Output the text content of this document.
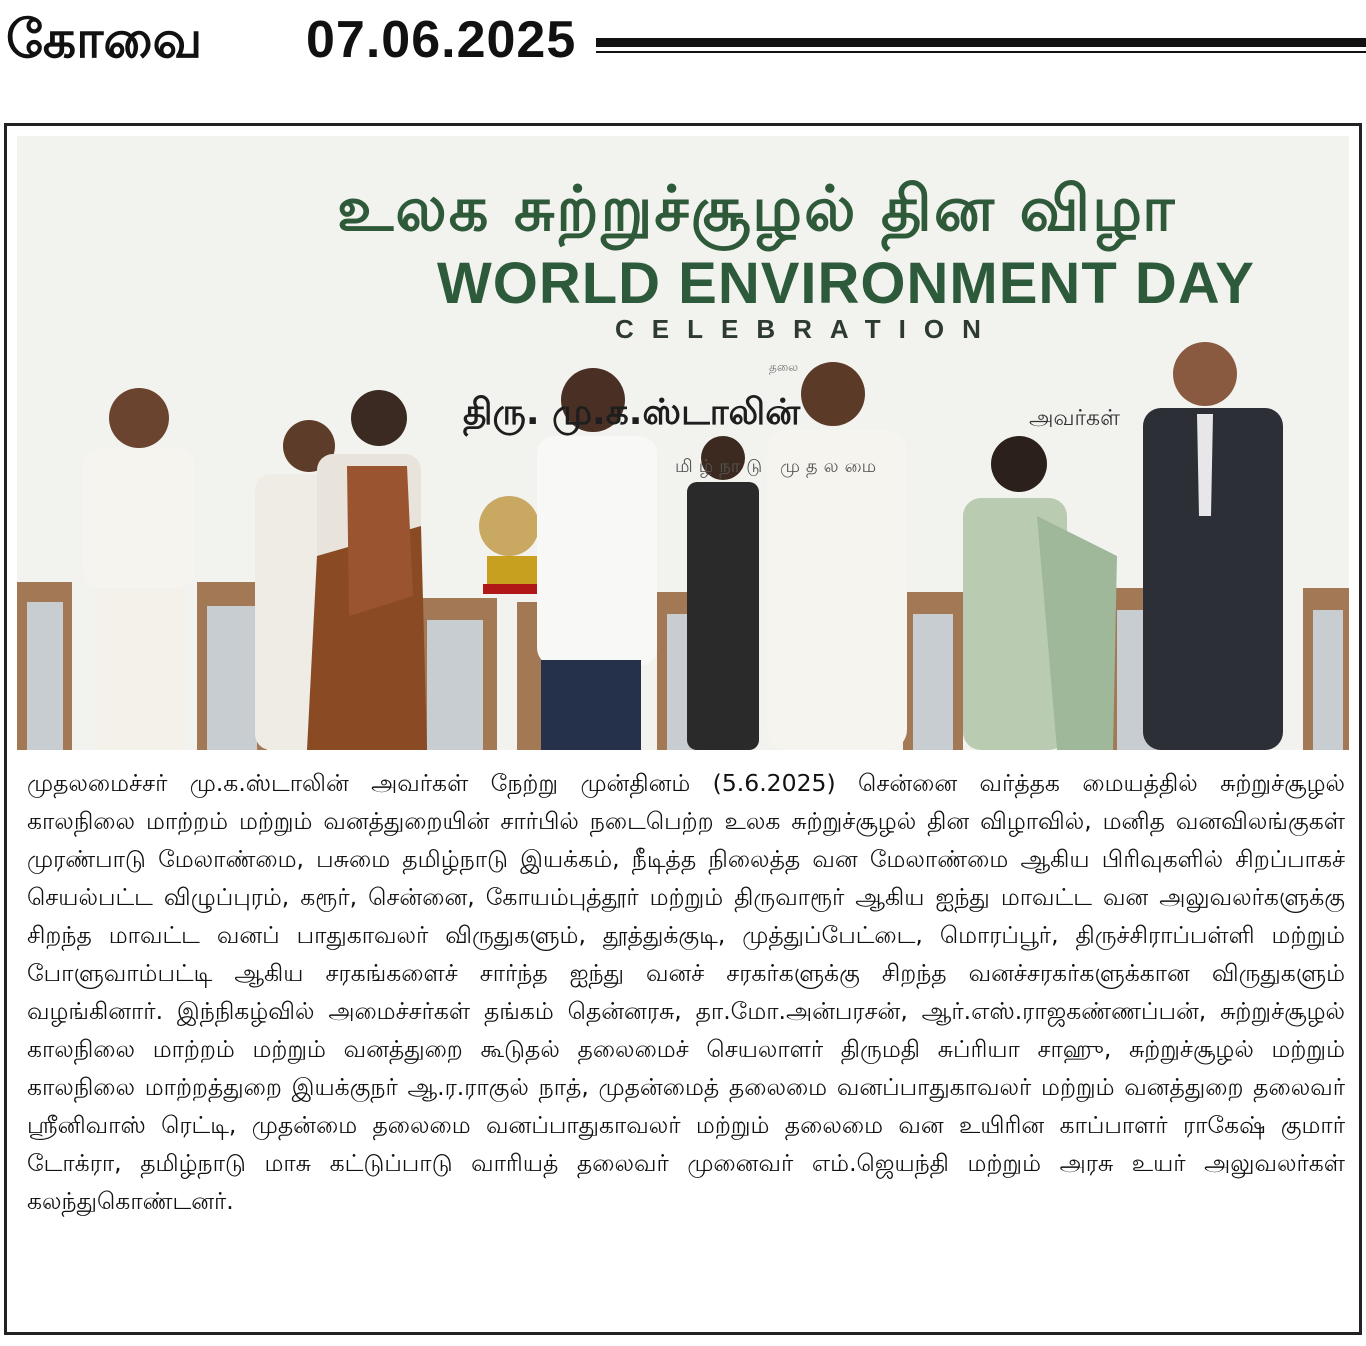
கோவை 07.06.2025
உலக சுற்றுச்சூழல் தின விழா
WORLD ENVIRONMENT DAY
CELEBRATION
தலை
திரு. மு.க.ஸ்டாலின்	அவர்கள்
மிழ்நாடு முதலமை

முதலமைச்சர் மு.க.ஸ்டாலின் அவர்கள் நேற்று முன்தினம் (5.6.2025) சென்னை வர்த்தக மையத்தில் சுற்றுச்சூழல் காலநிலை மாற்றம் மற்றும் வனத்துறையின் சார்பில் நடைபெற்ற உலக சுற்றுச்சூழல் தின விழாவில், மனித வனவிலங்குகள் முரண்பாடு மேலாண்மை, பசுமை தமிழ்நாடு இயக்கம், நீடித்த நிலைத்த வன மேலாண்மை ஆகிய பிரிவுகளில் சிறப்பாகச் செயல்பட்ட விழுப்புரம், கரூர், சென்னை, கோயம்புத்தூர் மற்றும் திருவாரூர் ஆகிய ஐந்து மாவட்ட வன அலுவலர்களுக்கு சிறந்த மாவட்ட வனப் பாதுகாவலர் விருதுகளும், தூத்துக்குடி, முத்துப்பேட்டை, மொரப்பூர், திருச்சிராப்பள்ளி மற்றும் போளுவாம்பட்டி ஆகிய சரகங்களைச் சார்ந்த ஐந்து வனச் சரகர்களுக்கு சிறந்த வனச்சரகர்களுக்கான விருதுகளும் வழங்கினார். இந்நிகழ்வில் அமைச்சர்கள் தங்கம் தென்னரசு, தா.மோ.அன்பரசன், ஆர்.எஸ்.ராஜகண்ணப்பன், சுற்றுச்சூழல் காலநிலை மாற்றம் மற்றும் வனத்துறை கூடுதல் தலைமைச் செயலாளர் திருமதி சுப்ரியா சாஹு, சுற்றுச்சூழல் மற்றும் காலநிலை மாற்றத்துறை இயக்குநர் ஆ.ர.ராகுல் நாத், முதன்மைத் தலைமை வனப்பாதுகாவலர் மற்றும் வனத்துறை தலைவர் ஸ்ரீனிவாஸ் ரெட்டி, முதன்மை தலைமை வனப்பாதுகாவலர் மற்றும் தலைமை வன உயிரின காப்பாளர் ராகேஷ் குமார் டோக்ரா, தமிழ்நாடு மாசு கட்டுப்பாடு வாரியத் தலைவர் முனைவர் எம்.ஜெயந்தி மற்றும் அரசு உயர் அலுவலர்கள் கலந்துகொண்டனர்.
